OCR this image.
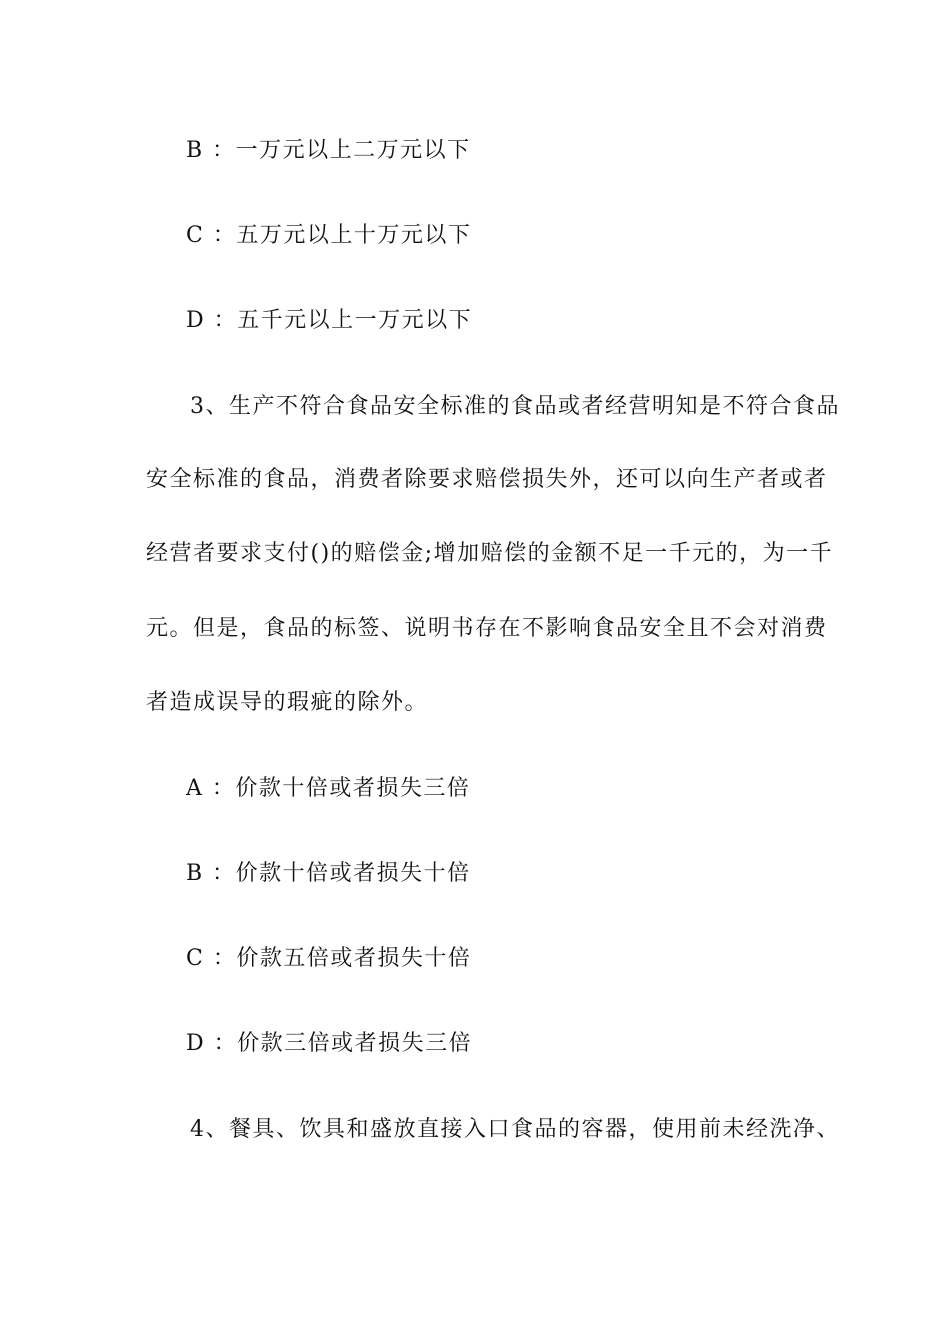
B ：一万元以上二万元以下
C ：五万元以上十万元以下
D ：五千元以上一万元以下
3、生产不符合食品安全标准的食品或者经营明知是不符合食品
安全标准的食品，消费者除要求赔偿损失外，还可以向生产者或者
经营者要求支付()的赔偿金;增加赔偿的金额不足一千元的，为一千
元。但是，食品的标签、说明书存在不影响食品安全且不会对消费
者造成误导的瑕疵的除外。
A ：价款十倍或者损失三倍
B ：价款十倍或者损失十倍
C ：价款五倍或者损失十倍
D ：价款三倍或者损失三倍
4、餐具、饮具和盛放直接入口食品的容器，使用前未经洗净、
